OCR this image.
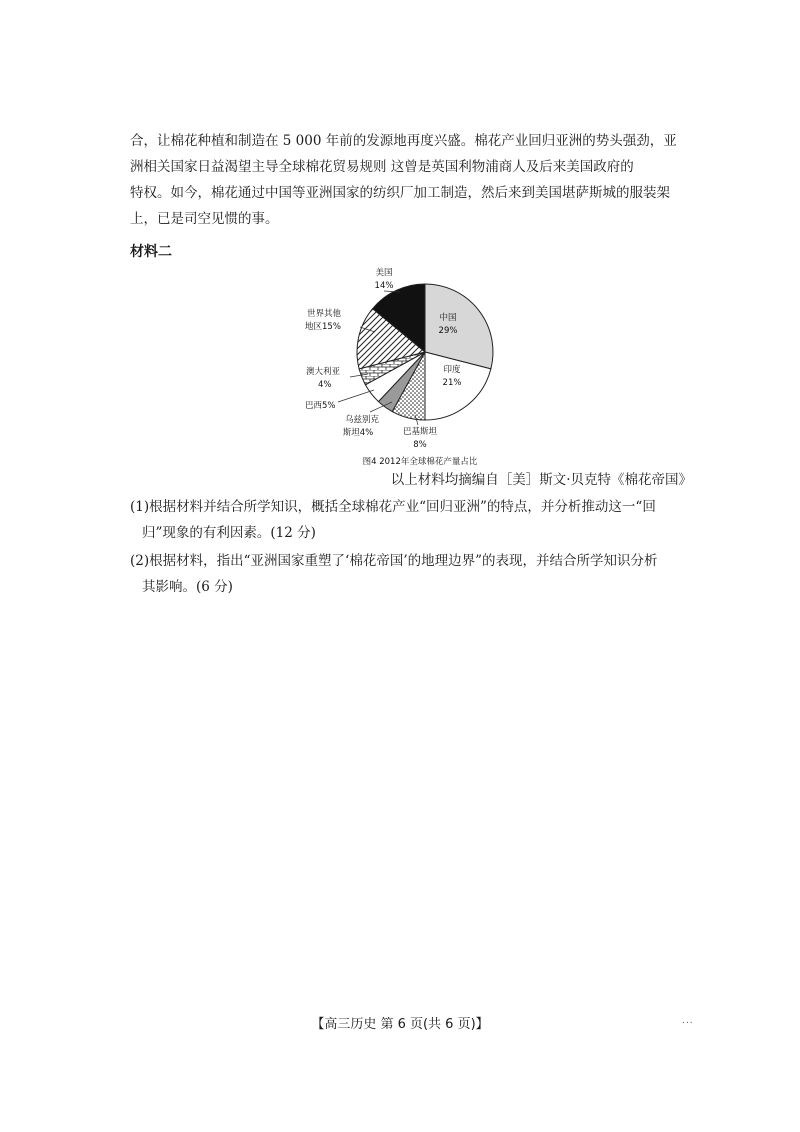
合，让棉花种植和制造在 5 000 年前的发源地再度兴盛。棉花产业回归亚洲的势头强劲，亚
洲相关国家日益渴望主导全球棉花贸易规则 这曾是英国利物浦商人及后来美国政府的
特权。如今，棉花通过中国等亚洲国家的纺织厂加工制造，然后来到美国堪萨斯城的服装架
上，已是司空见惯的事。
材料二
中国
29%
印度
21%
巴基斯坦
8%
乌兹别克
斯坦4%
巴西5%
澳大利亚
4%
世界其他
地区15%
美国
14%
图4 2012年全球棉花产量占比
以上材料均摘编自［美］斯文·贝克特《棉花帝国》
(1)根据材料并结合所学知识，概括全球棉花产业“回归亚洲”的特点，并分析推动这一“回
归”现象的有利因素。(12 分)
(2)根据材料，指出“亚洲国家重塑了‘棉花帝国’的地理边界”的表现，并结合所学知识分析
其影响。(6 分)
【高三历史 第 6 页(共 6 页)】	...
